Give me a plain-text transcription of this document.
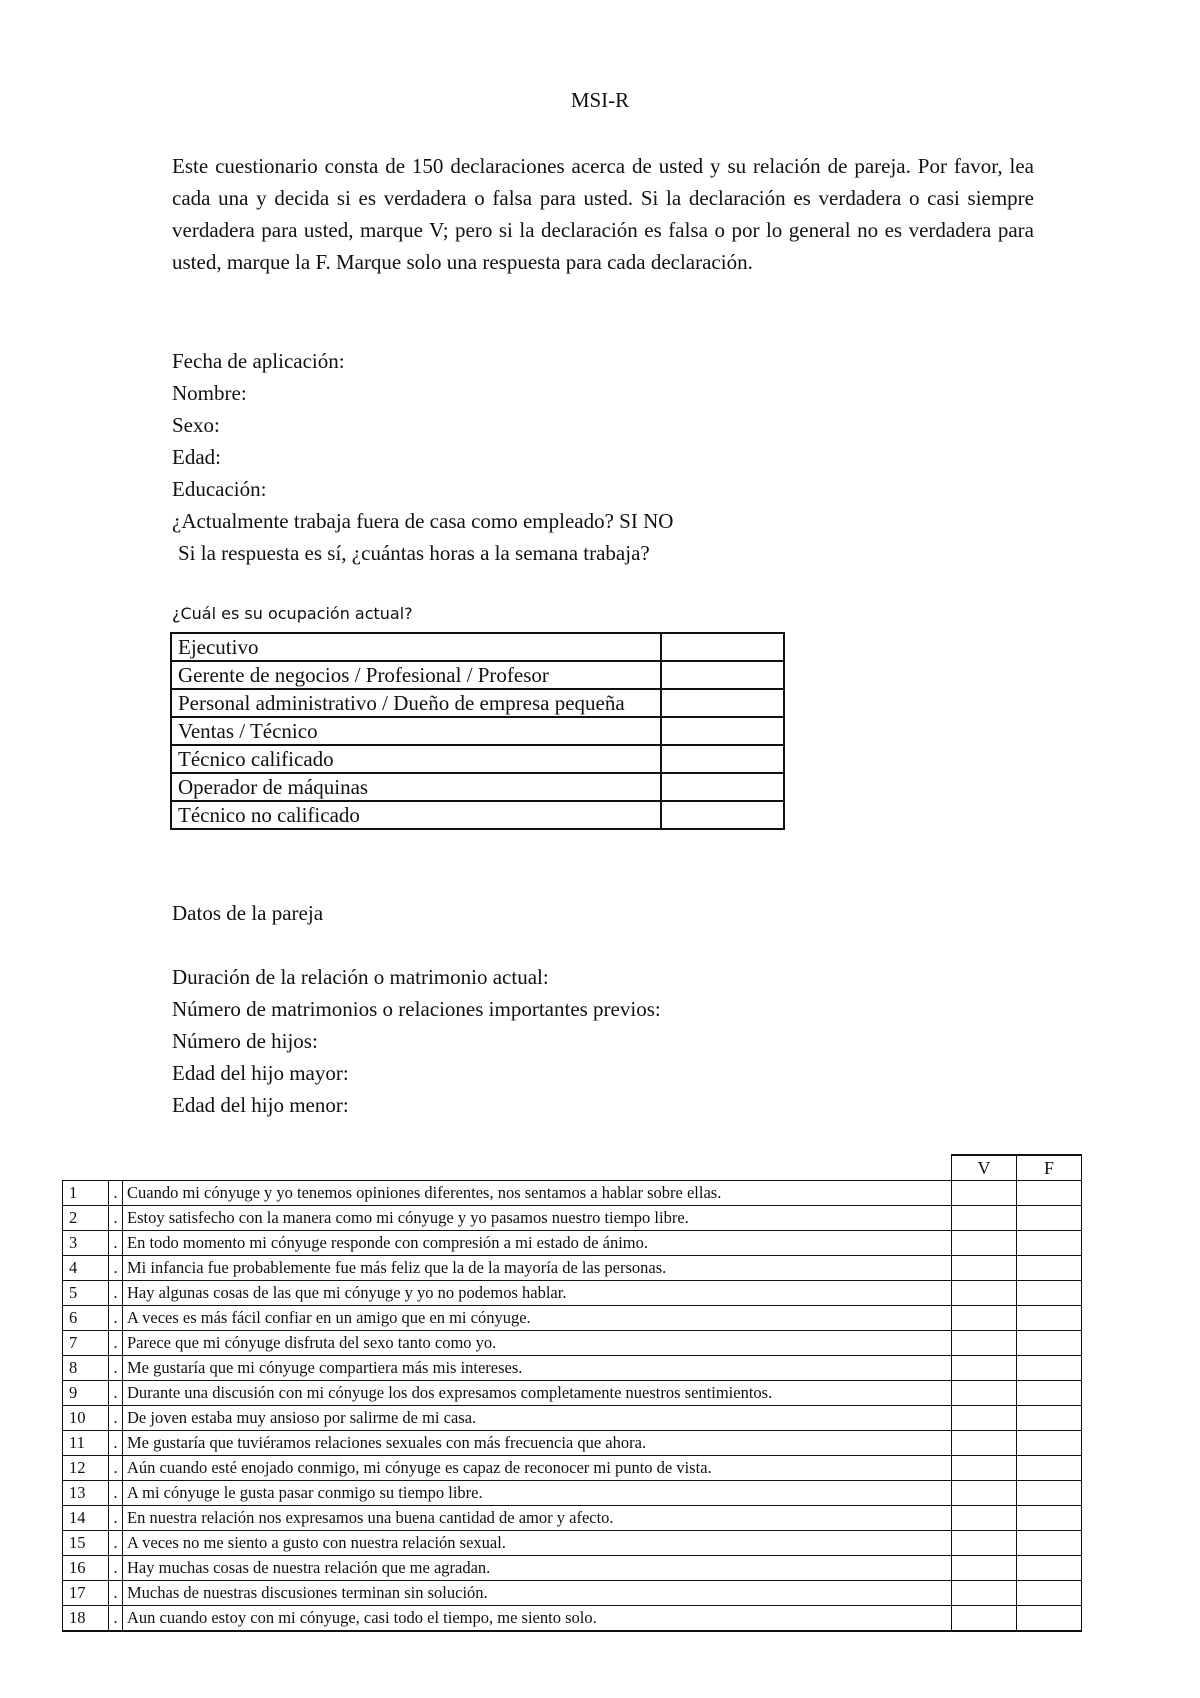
MSI-R

Este cuestionario consta de 150 declaraciones acerca de usted y su relación de pareja. Por favor, lea cada una y decida si es verdadera o falsa para usted. Si la declaración es verdadera o casi siempre verdadera para usted, marque V; pero si la declaración es falsa o por lo general no es verdadera para usted, marque la F. Marque solo una respuesta para cada declaración.

Fecha de aplicación:
Nombre:
Sexo:
Edad:
Educación:
¿Actualmente trabaja fuera de casa como empleado? SI NO
Si la respuesta es sí, ¿cuántas horas a la semana trabaja?
¿Cuál es su ocupación actual?
Ejecutivo	
Gerente de negocios / Profesional / Profesor	
Personal administrativo / Dueño de empresa pequeña	
Ventas / Técnico	
Técnico calificado	
Operador de máquinas	
Técnico no calificado	
Datos de la pareja
Duración de la relación o matrimonio actual:
Número de matrimonios o relaciones importantes previos:
Número de hijos:
Edad del hijo mayor:
Edad del hijo menor:
			V	F
1	.	Cuando mi cónyuge y yo tenemos opiniones diferentes, nos sentamos a hablar sobre ellas.		
2	.	Estoy satisfecho con la manera como mi cónyuge y yo pasamos nuestro tiempo libre.		
3	.	En todo momento mi cónyuge responde con compresión a mi estado de ánimo.		
4	.	Mi infancia fue probablemente fue más feliz que la de la mayoría de las personas.		
5	.	Hay algunas cosas de las que mi cónyuge y yo no podemos hablar.		
6	.	A veces es más fácil confiar en un amigo que en mi cónyuge.		
7	.	Parece que mi cónyuge disfruta del sexo tanto como yo.		
8	.	Me gustaría que mi cónyuge compartiera más mis intereses.		
9	.	Durante una discusión con mi cónyuge los dos expresamos completamente nuestros sentimientos.		
10	.	De joven estaba muy ansioso por salirme de mi casa.		
11	.	Me gustaría que tuviéramos relaciones sexuales con más frecuencia que ahora.		
12	.	Aún cuando esté enojado conmigo, mi cónyuge es capaz de reconocer mi punto de vista.		
13	.	A mi cónyuge le gusta pasar conmigo su tiempo libre.		
14	.	En nuestra relación nos expresamos una buena cantidad de amor y afecto.		
15	.	A veces no me siento a gusto con nuestra relación sexual.		
16	.	Hay muchas cosas de nuestra relación que me agradan.		
17	.	Muchas de nuestras discusiones terminan sin solución.		
18	.	Aun cuando estoy con mi cónyuge, casi todo el tiempo, me siento solo.		
